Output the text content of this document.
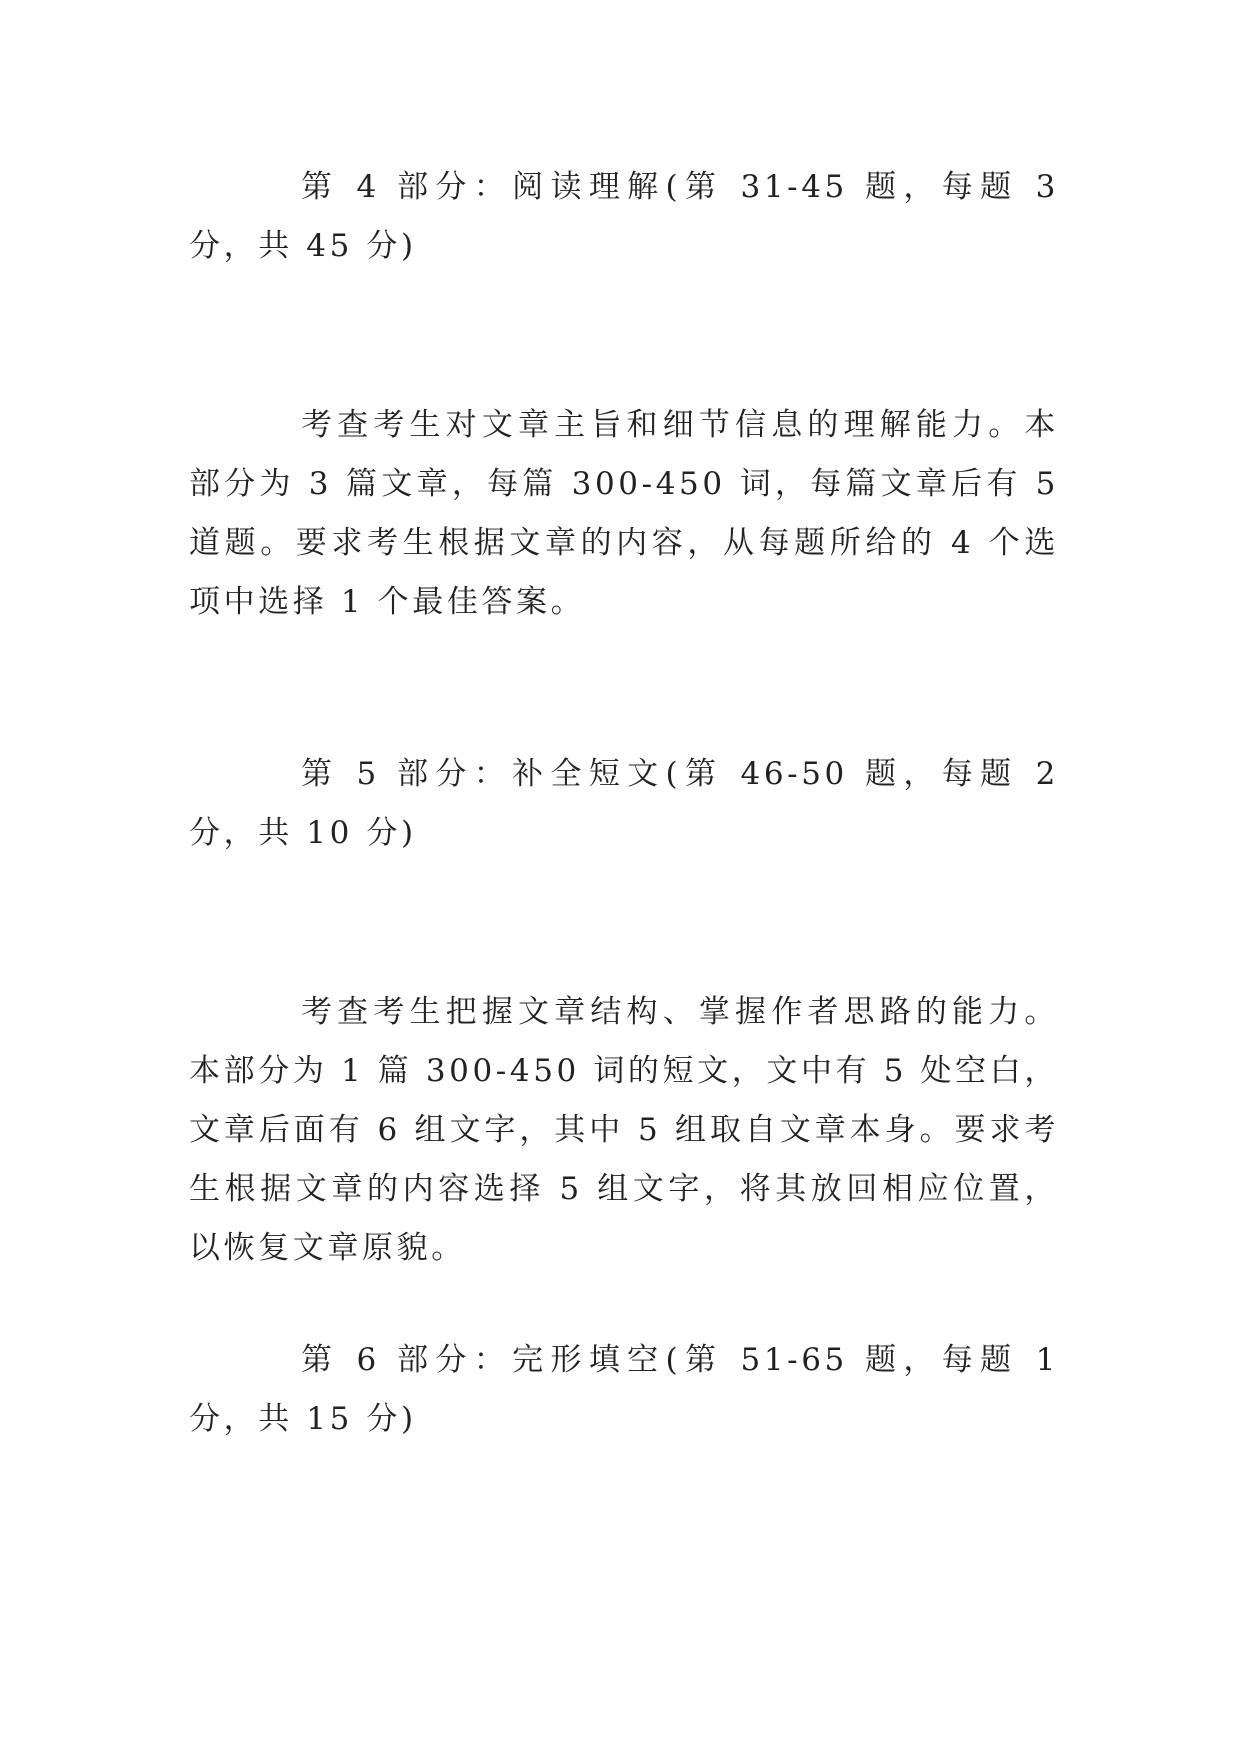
第 4 部分：阅读理解(第 31-45 题，每题 3 分，共 45 分)

考查考生对文章主旨和细节信息的理解能力。本部分为 3 篇文章，每篇 300-450 词，每篇文章后有 5 道题。要求考生根据文章的内容，从每题所给的 4 个选项中选择 1 个最佳答案。

第 5 部分：补全短文(第 46-50 题，每题 2 分，共 10 分)

考查考生把握文章结构、掌握作者思路的能力。本部分为 1 篇 300-450 词的短文，文中有 5 处空白，文章后面有 6 组文字，其中 5 组取自文章本身。要求考生根据文章的内容选择 5 组文字，将其放回相应位置，以恢复文章原貌。

第 6 部分：完形填空(第 51-65 题，每题 1 分，共 15 分)
